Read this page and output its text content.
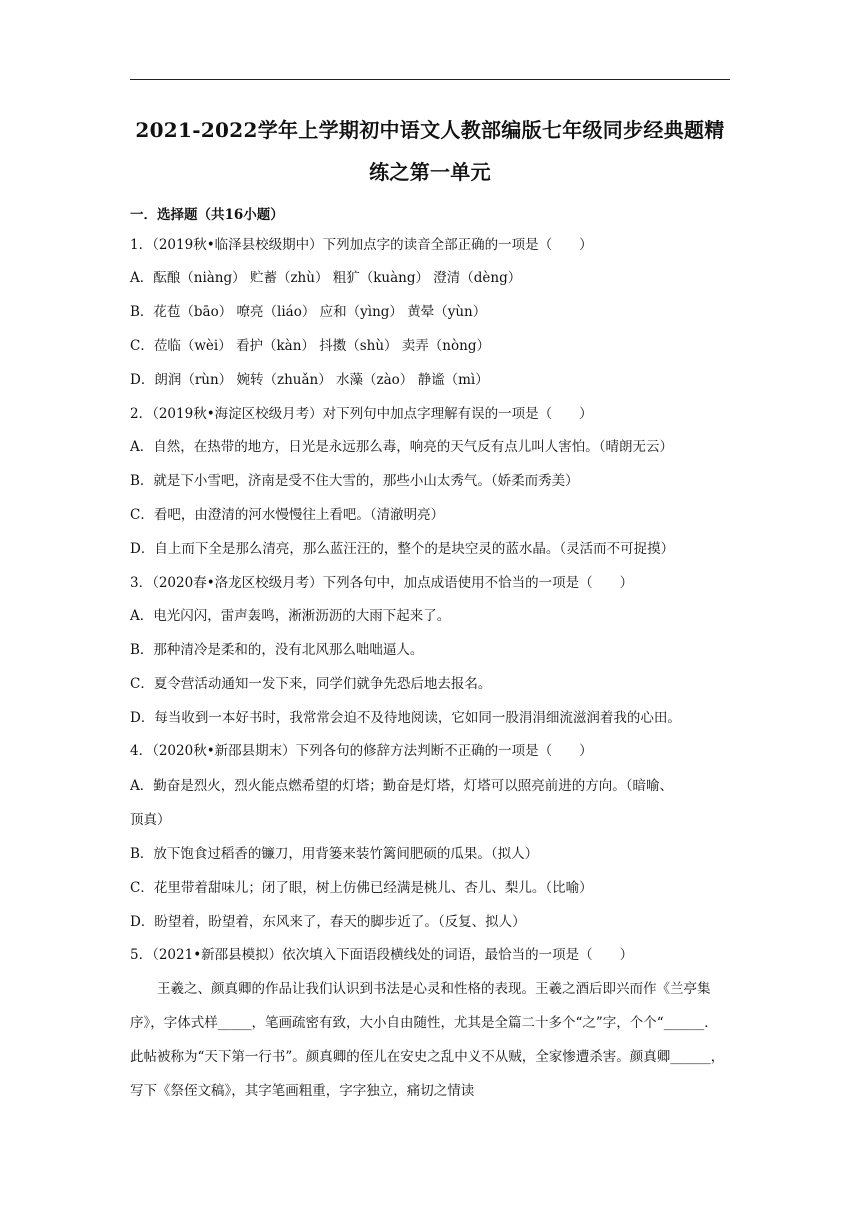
2021-2022学年上学期初中语文人教部编版七年级同步经典题精
练之第一单元
一．选择题（共16小题）
1．（2019秋•临泽县校级期中）下列加点字的读音全部正确的一项是（　　）
A．酝酿（niàng） 贮蓄（zhù） 粗犷（kuàng） 澄清（dèng）
B．花苞（bāo） 嘹亮（liáo） 应和（yìng） 黄晕（yùn）
C．莅临（wèi） 看护（kàn） 抖擞（shù） 卖弄（nòng）
D．朗润（rùn） 婉转（zhuǎn） 水藻（zào） 静谧（mì）
2．（2019秋•海淀区校级月考）对下列句中加点字理解有误的一项是（　　）
A．自然，在热带的地方，日光是永远那么毒，响亮的天气反有点儿叫人害怕。（晴朗无云）
B．就是下小雪吧，济南是受不住大雪的，那些小山太秀气。（娇柔而秀美）
C．看吧，由澄清的河水慢慢往上看吧。（清澈明亮）
D．自上而下全是那么清亮，那么蓝汪汪的，整个的是块空灵的蓝水晶。（灵活而不可捉摸）
3．（2020春•洛龙区校级月考）下列各句中，加点成语使用不恰当的一项是（　　）
A．电光闪闪，雷声轰鸣，淅淅沥沥的大雨下起来了。
B．那种清冷是柔和的，没有北风那么咄咄逼人。
C．夏令营活动通知一发下来，同学们就争先恐后地去报名。
D．每当收到一本好书时，我常常会迫不及待地阅读，它如同一股涓涓细流滋润着我的心田。
4．（2020秋•新邵县期末）下列各句的修辞方法判断不正确的一项是（　　）
A．勤奋是烈火，烈火能点燃希望的灯塔；勤奋是灯塔，灯塔可以照亮前进的方向。（暗喻、
顶真）
B．放下饱食过稻香的镰刀，用背篓来装竹篱间肥硕的瓜果。（拟人）
C．花里带着甜味儿；闭了眼，树上仿佛已经满是桃儿、杏儿、梨儿。（比喻）
D．盼望着，盼望着，东风来了，春天的脚步近了。（反复、拟人）
5．（2021•新邵县模拟）依次填入下面语段横线处的词语，最恰当的一项是（　　）

王羲之、颜真卿的作品让我们认识到书法是心灵和性格的表现。王羲之酒后即兴而作《兰亭集序》，字体式样_____，笔画疏密有致，大小自由随性，尤其是全篇二十多个“之”字，个个“______．此帖被称为“天下第一行书”。颜真卿的侄儿在安史之乱中义不从贼，全家惨遭杀害。颜真卿______，写下《祭侄文稿》，其字笔画粗重，字字独立，痛切之情读
